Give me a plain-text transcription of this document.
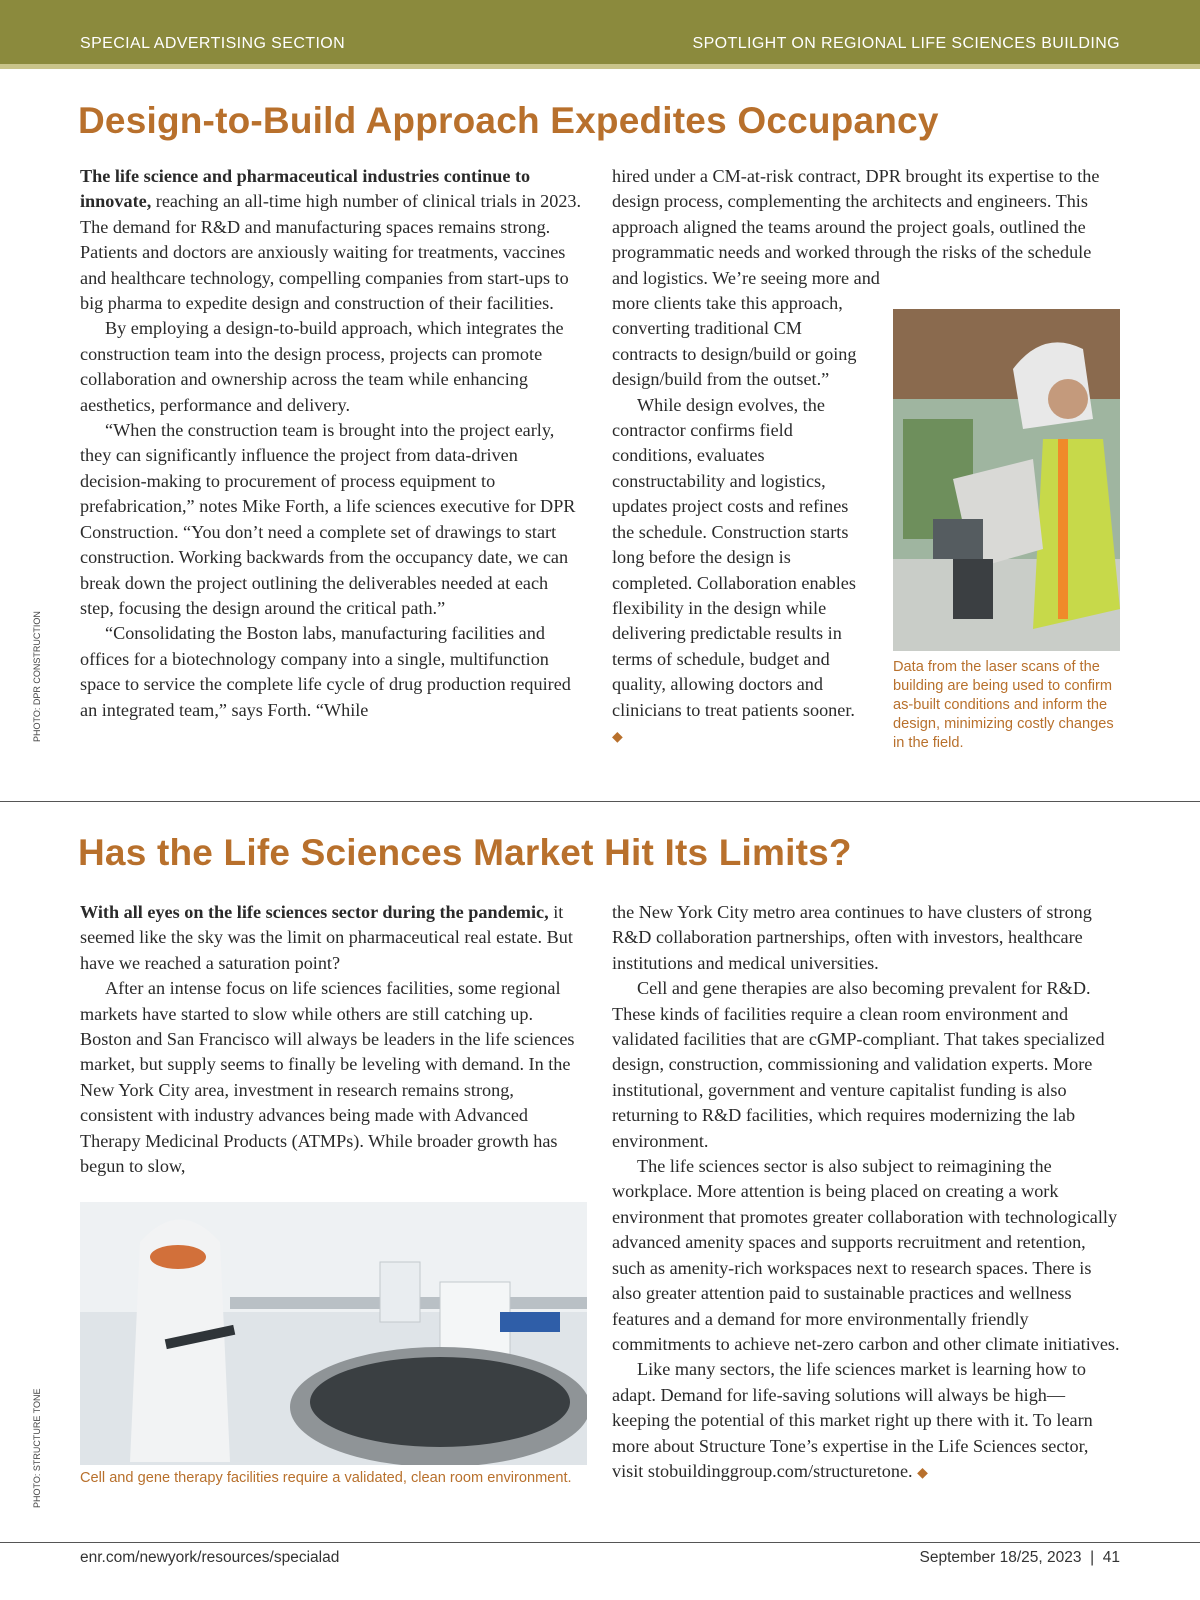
SPECIAL ADVERTISING SECTION	SPOTLIGHT ON REGIONAL LIFE SCIENCES BUILDING
Design-to-Build Approach Expedites Occupancy

The life science and pharmaceutical industries continue to innovate, reaching an all-time high number of clinical trials in 2023. The demand for R&D and manufacturing spaces remains strong. Patients and doctors are anxiously waiting for treatments, vaccines and healthcare technology, compelling companies from start-ups to big pharma to expedite design and construction of their facilities.

By employing a design-to-build approach, which integrates the construction team into the design process, projects can promote collaboration and ownership across the team while enhancing aesthetics, performance and delivery.

“When the construction team is brought into the project early, they can significantly influence the project from data-driven decision-making to procurement of process equipment to prefabrication,” notes Mike Forth, a life sciences executive for DPR Construction. “You don’t need a complete set of drawings to start construction. Working backwards from the occupancy date, we can break down the project outlining the deliverables needed at each step, focusing the design around the critical path.”

“Consolidating the Boston labs, manufacturing facilities and offices for a biotechnology company into a single, multifunction space to service the complete life cycle of drug production required an integrated team,” says Forth. “While

hired under a CM-at-risk contract, DPR brought its expertise to the design process, complementing the architects and engineers. This approach aligned the teams around the project goals, outlined the programmatic needs and worked through the risks of the schedule and logistics. We’re seeing more and

more clients take this approach, converting traditional CM contracts to design/build or going design/build from the outset.”

While design evolves, the contractor confirms field conditions, evaluates constructability and logistics, updates project costs and refines the schedule. Construction starts long before the design is completed. Collaboration enables flexibility in the design while delivering predictable results in terms of schedule, budget and quality, allowing doctors and clinicians to treat patients sooner. ◆

Data from the laser scans of the building are being used to confirm as-built conditions and inform the design, minimizing costly changes in the field.
PHOTO: DPR CONSTRUCTION
Has the Life Sciences Market Hit Its Limits?

With all eyes on the life sciences sector during the pandemic, it seemed like the sky was the limit on pharmaceutical real estate. But have we reached a saturation point?

After an intense focus on life sciences facilities, some regional markets have started to slow while others are still catching up. Boston and San Francisco will always be leaders in the life sciences market, but supply seems to finally be leveling with demand. In the New York City area, investment in research remains strong, consistent with industry advances being made with Advanced Therapy Medicinal Products (ATMPs). While broader growth has begun to slow,

the New York City metro area continues to have clusters of strong R&D collaboration partnerships, often with investors, healthcare institutions and medical universities.

Cell and gene therapies are also becoming prevalent for R&D. These kinds of facilities require a clean room environment and validated facilities that are cGMP-compliant. That takes specialized design, construction, commissioning and validation experts. More institutional, government and venture capitalist funding is also returning to R&D facilities, which requires modernizing the lab environment.

The life sciences sector is also subject to reimagining the workplace. More attention is being placed on creating a work environment that promotes greater collaboration with technologically advanced amenity spaces and supports recruitment and retention, such as amenity-rich workspaces next to research spaces. There is also greater attention paid to sustainable practices and wellness features and a demand for more environmentally friendly commitments to achieve net-zero carbon and other climate initiatives.

Like many sectors, the life sciences market is learning how to adapt. Demand for life-saving solutions will always be high—keeping the potential of this market right up there with it. To learn more about Structure Tone’s expertise in the Life Sciences sector, visit stobuildinggroup.com/structuretone. ◆

Cell and gene therapy facilities require a validated, clean room environment.
PHOTO: STRUCTURE TONE
enr.com/newyork/resources/specialad	September 18/25, 2023  |  41
